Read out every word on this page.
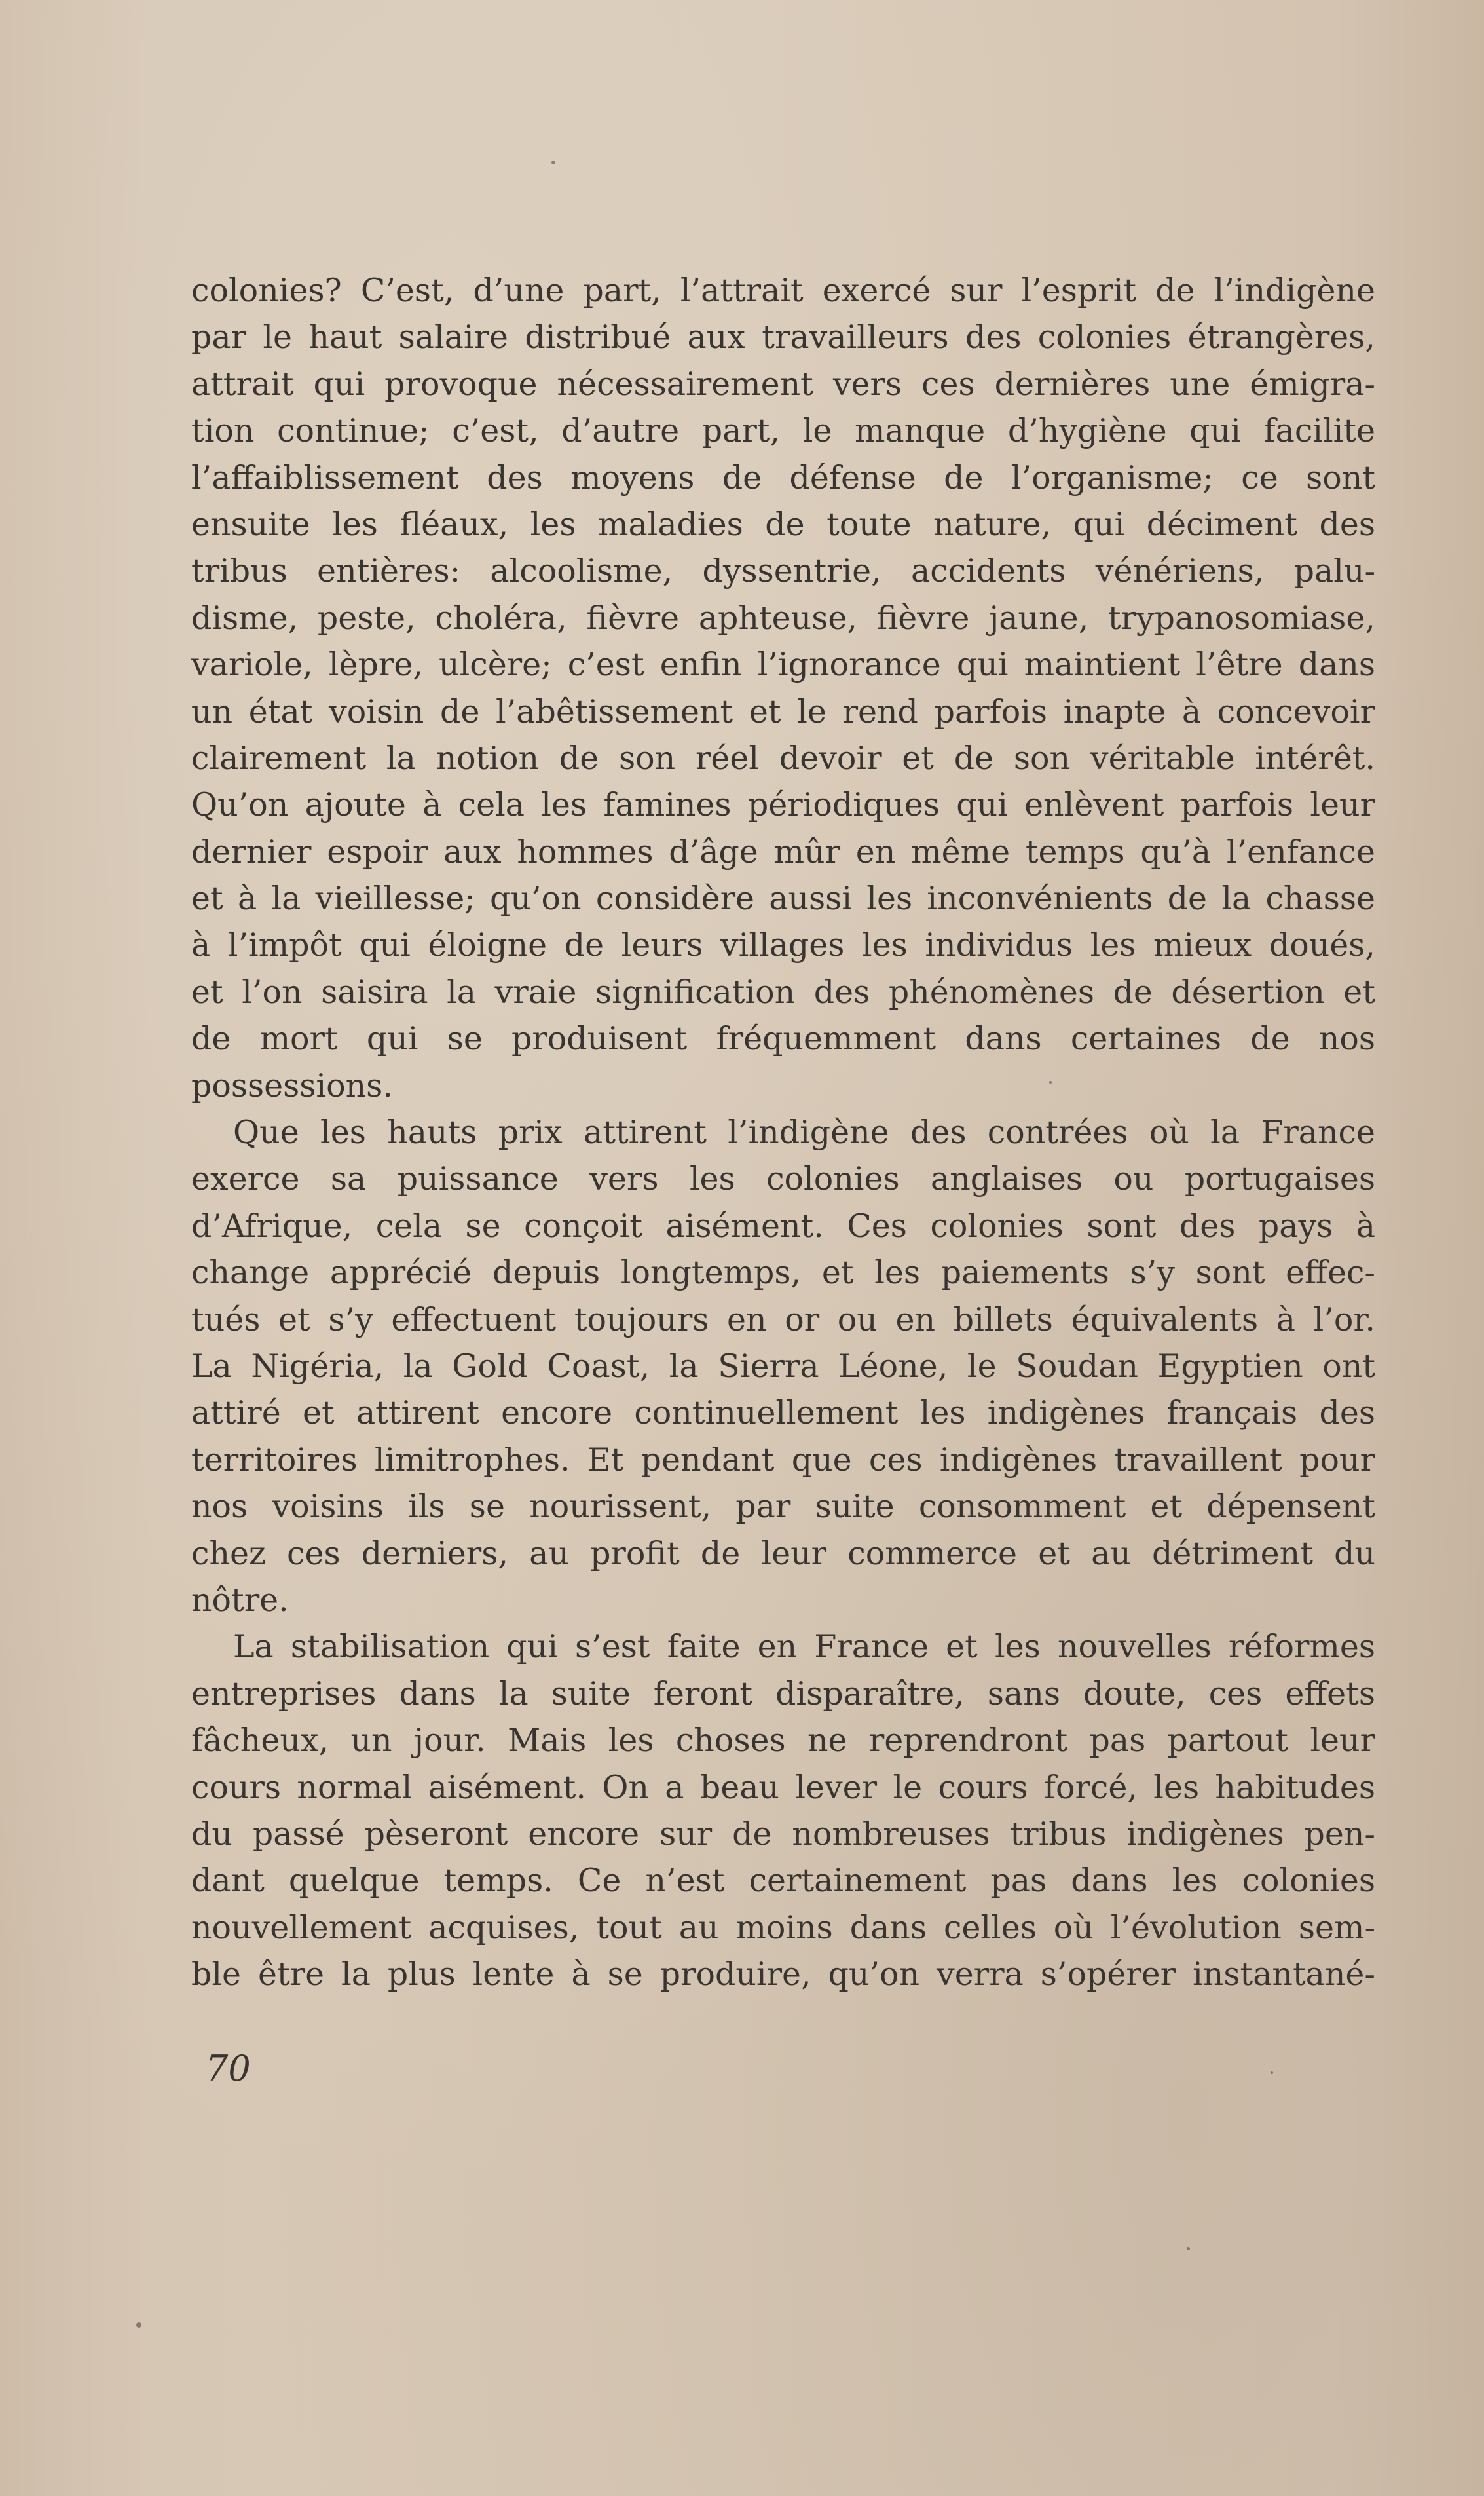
colonies? C’est, d’une part, l’attrait exercé sur l’esprit de l’indigène
par le haut salaire distribué aux travailleurs des colonies étrangères,
attrait qui provoque nécessairement vers ces dernières une émigra-
tion continue; c’est, d’autre part, le manque d’hygiène qui facilite
l’affaiblissement des moyens de défense de l’organisme; ce sont
ensuite les fléaux, les maladies de toute nature, qui déciment des
tribus entières: alcoolisme, dyssentrie, accidents vénériens, palu-
disme, peste, choléra, fièvre aphteuse, fièvre jaune, trypanosomiase,
variole, lèpre, ulcère; c’est enfin l’ignorance qui maintient l’être dans
un état voisin de l’abêtissement et le rend parfois inapte à concevoir
clairement la notion de son réel devoir et de son véritable intérêt.
Qu’on ajoute à cela les famines périodiques qui enlèvent parfois leur
dernier espoir aux hommes d’âge mûr en même temps qu’à l’enfance
et à la vieillesse; qu’on considère aussi les inconvénients de la chasse
à l’impôt qui éloigne de leurs villages les individus les mieux doués,
et l’on saisira la vraie signification des phénomènes de désertion et
de mort qui se produisent fréquemment dans certaines de nos
possessions.
Que les hauts prix attirent l’indigène des contrées où la France
exerce sa puissance vers les colonies anglaises ou portugaises
d’Afrique, cela se conçoit aisément. Ces colonies sont des pays à
change apprécié depuis longtemps, et les paiements s’y sont effec-
tués et s’y effectuent toujours en or ou en billets équivalents à l’or.
La Nigéria, la Gold Coast, la Sierra Léone, le Soudan Egyptien ont
attiré et attirent encore continuellement les indigènes français des
territoires limitrophes. Et pendant que ces indigènes travaillent pour
nos voisins ils se nourissent, par suite consomment et dépensent
chez ces derniers, au profit de leur commerce et au détriment du
nôtre.
La stabilisation qui s’est faite en France et les nouvelles réformes
entreprises dans la suite feront disparaître, sans doute, ces effets
fâcheux, un jour. Mais les choses ne reprendront pas partout leur
cours normal aisément. On a beau lever le cours forcé, les habitudes
du passé pèseront encore sur de nombreuses tribus indigènes pen-
dant quelque temps. Ce n’est certainement pas dans les colonies
nouvellement acquises, tout au moins dans celles où l’évolution sem-
ble être la plus lente à se produire, qu’on verra s’opérer instantané-
70
